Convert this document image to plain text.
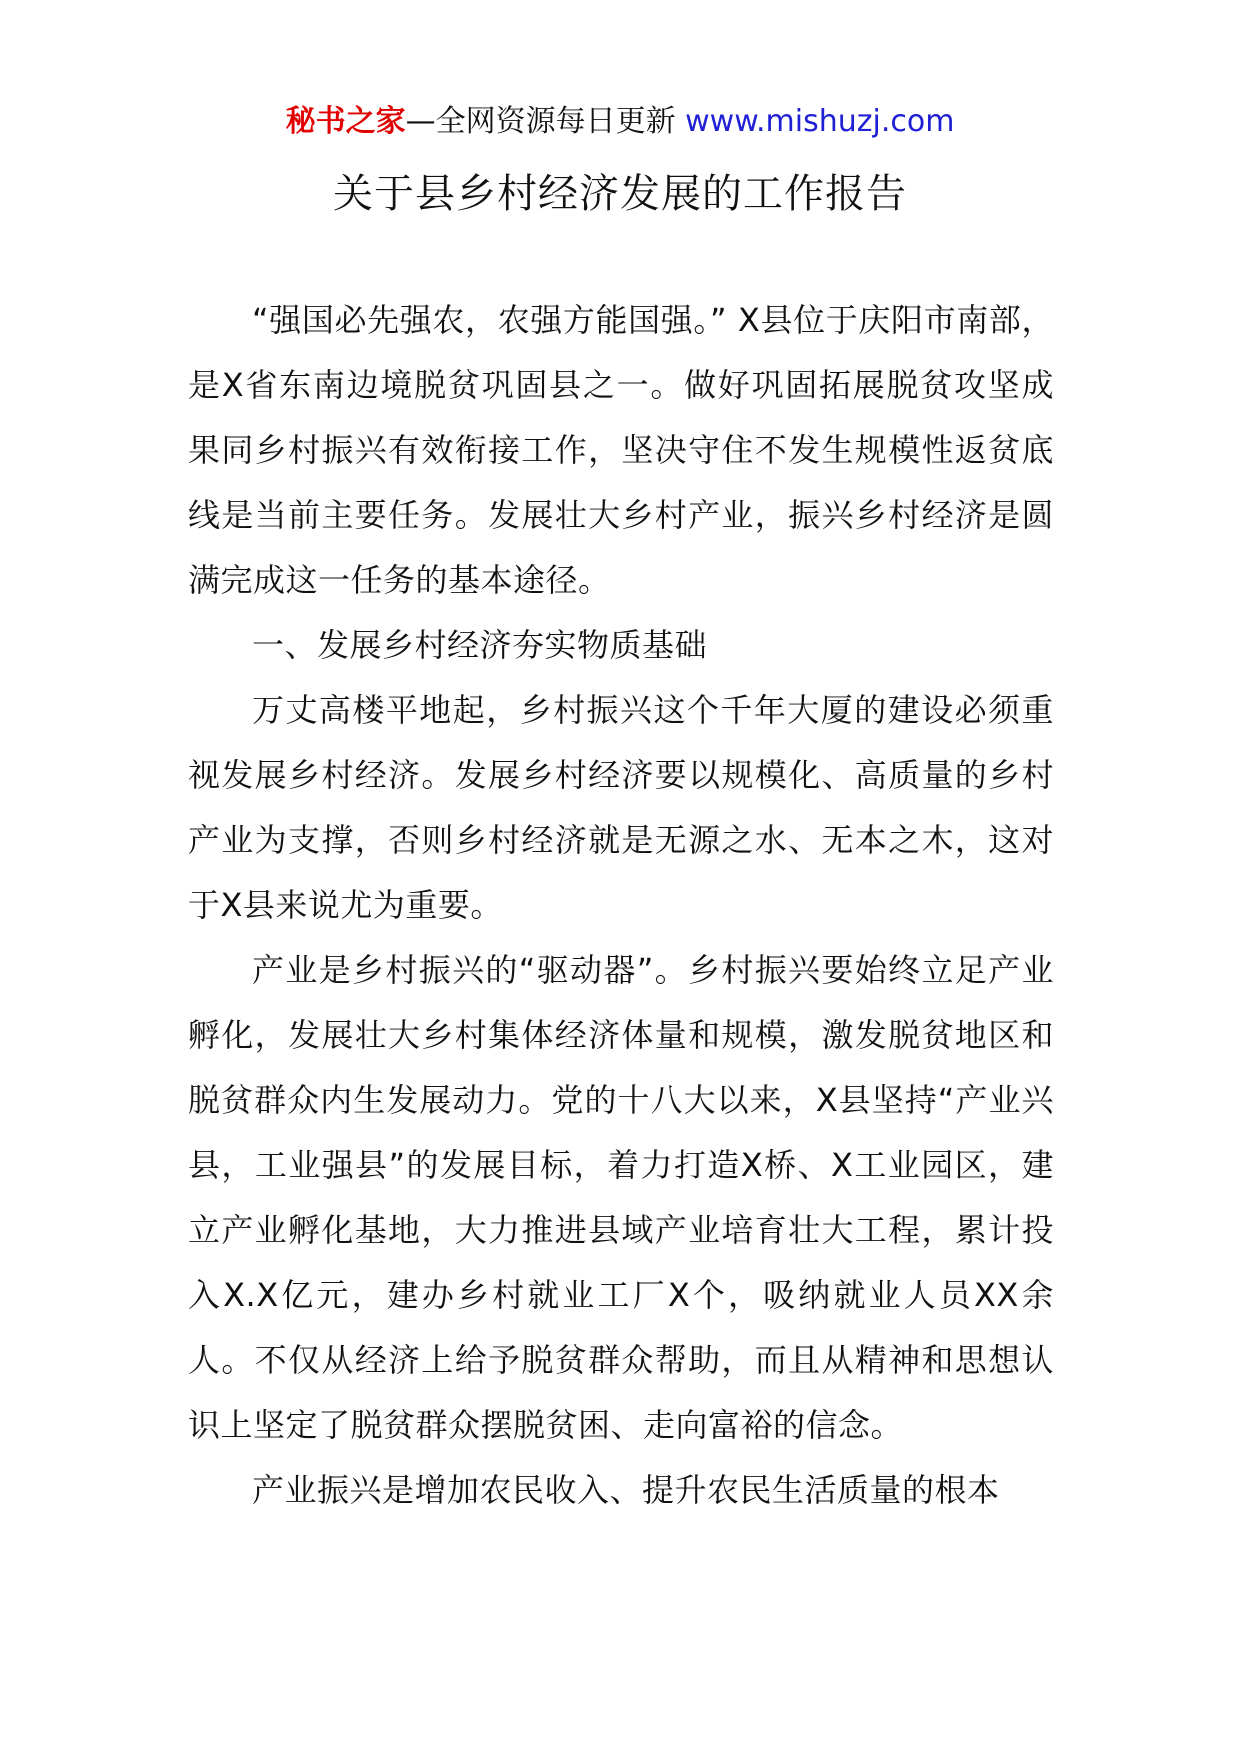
秘书之家—全网资源每日更新 www.mishuzj.com
关于县乡村经济发展的工作报告

“强国必先强农，农强方能国强。” X县位于庆阳市南部，是X省东南边境脱贫巩固县之一。做好巩固拓展脱贫攻坚成果同乡村振兴有效衔接工作，坚决守住不发生规模性返贫底线是当前主要任务。发展壮大乡村产业，振兴乡村经济是圆满完成这一任务的基本途径。

一、发展乡村经济夯实物质基础

万丈高楼平地起，乡村振兴这个千年大厦的建设必须重视发展乡村经济。发展乡村经济要以规模化、高质量的乡村产业为支撑，否则乡村经济就是无源之水、无本之木，这对于X县来说尤为重要。

产业是乡村振兴的“驱动器”。乡村振兴要始终立足产业孵化，发展壮大乡村集体经济体量和规模，激发脱贫地区和脱贫群众内生发展动力。党的十八大以来，X县坚持“产业兴县，工业强县”的发展目标，着力打造X桥、X工业园区，建立产业孵化基地，大力推进县域产业培育壮大工程，累计投入X.X亿元，建办乡村就业工厂X个，吸纳就业人员XX余人。不仅从经济上给予脱贫群众帮助，而且从精神和思想认识上坚定了脱贫群众摆脱贫困、走向富裕的信念。

产业振兴是增加农民收入、提升农民生活质量的根本
